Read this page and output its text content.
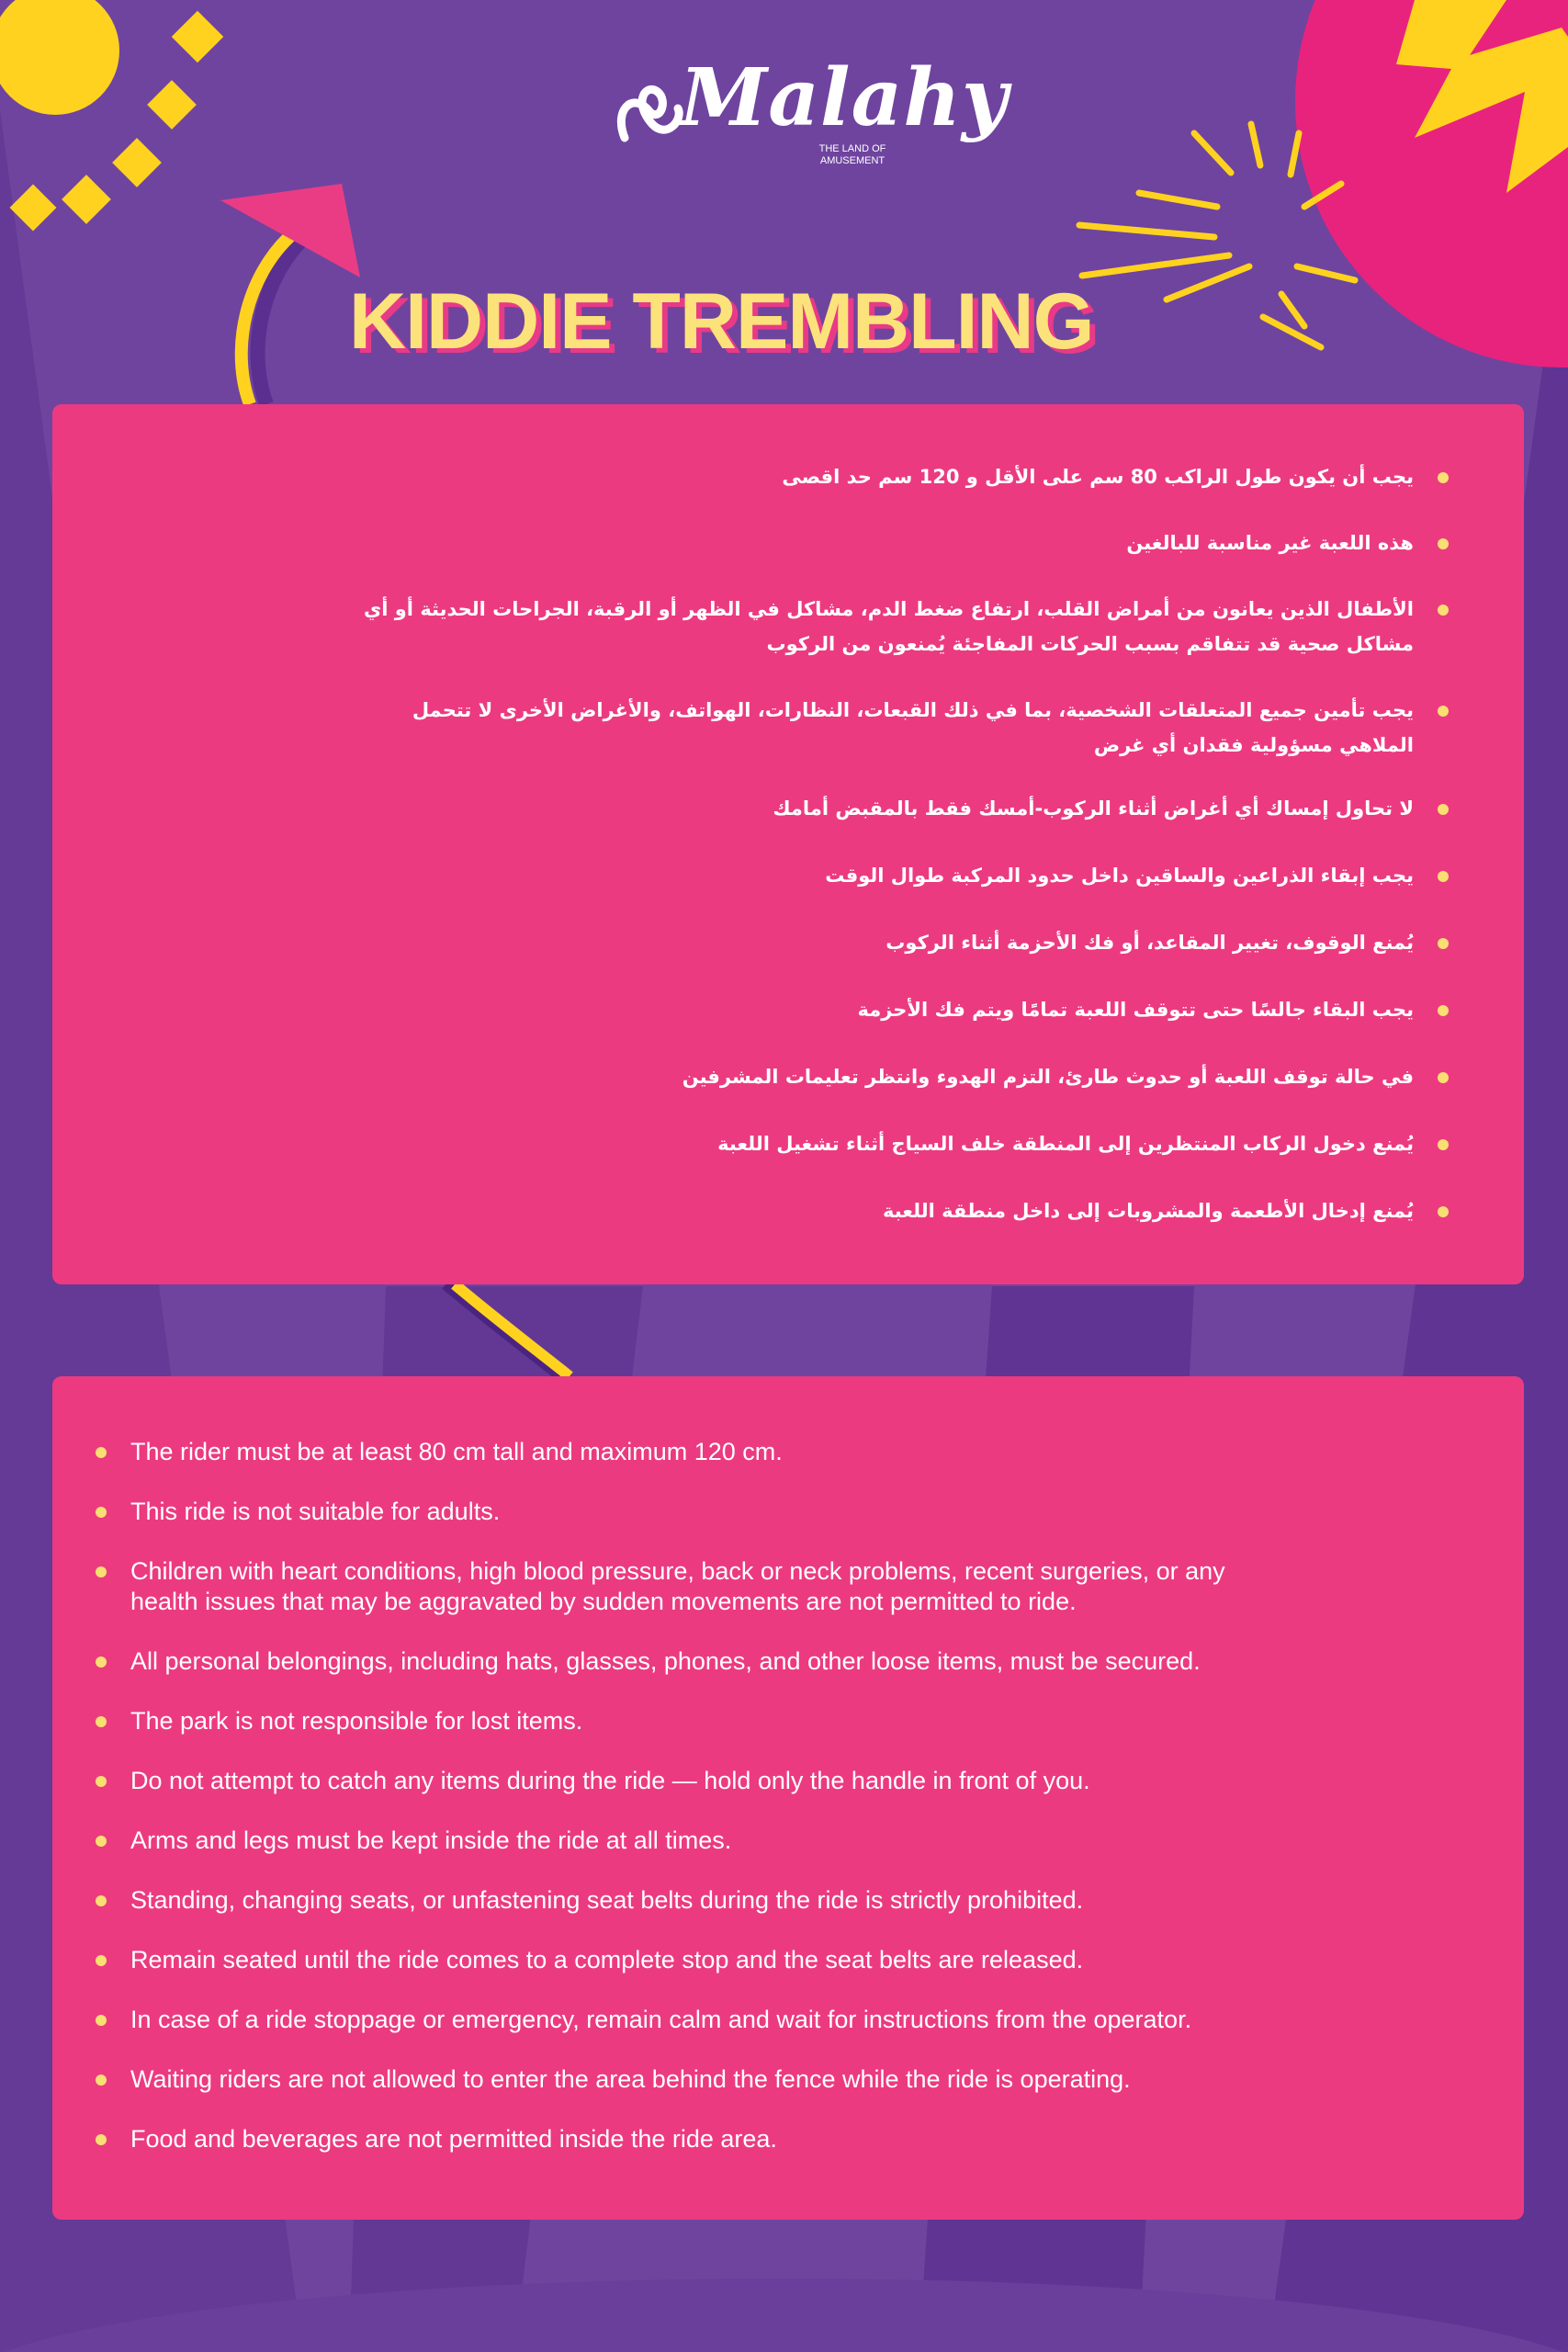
Malahy
THE LAND OF AMUSEMENT
KIDDIE TREMBLING
يجب أن يكون طول الراكب 80 سم على الأقل و 120 سم حد اقصى
هذه اللعبة غير مناسبة للبالغين
الأطفال الذين يعانون من أمراض القلب، ارتفاع ضغط الدم، مشاكل في الظهر أو الرقبة، الجراحات الحديثة أو أي مشاكل صحية قد تتفاقم بسبب الحركات المفاجئة يُمنعون من الركوب
يجب تأمين جميع المتعلقات الشخصية، بما في ذلك القبعات، النظارات، الهواتف، والأغراض الأخرى لا تتحمل الملاهي مسؤولية فقدان أي غرض
لا تحاول إمساك أي أغراض أثناء الركوب-أمسك فقط بالمقبض أمامك
يجب إبقاء الذراعين والساقين داخل حدود المركبة طوال الوقت
يُمنع الوقوف، تغيير المقاعد، أو فك الأحزمة أثناء الركوب
يجب البقاء جالسًا حتى تتوقف اللعبة تمامًا ويتم فك الأحزمة
في حالة توقف اللعبة أو حدوث طارئ، التزم الهدوء وانتظر تعليمات المشرفين
يُمنع دخول الركاب المنتظرين إلى المنطقة خلف السياج أثناء تشغيل اللعبة
يُمنع إدخال الأطعمة والمشروبات إلى داخل منطقة اللعبة
The rider must be at least 80 cm tall and maximum 120 cm.
This ride is not suitable for adults.
Children with heart conditions, high blood pressure, back or neck problems, recent surgeries, or any health issues that may be aggravated by sudden movements are not permitted to ride.
All personal belongings, including hats, glasses, phones, and other loose items, must be secured.
The park is not responsible for lost items.
Do not attempt to catch any items during the ride — hold only the handle in front of you.
Arms and legs must be kept inside the ride at all times.
Standing, changing seats, or unfastening seat belts during the ride is strictly prohibited.
Remain seated until the ride comes to a complete stop and the seat belts are released.
In case of a ride stoppage or emergency, remain calm and wait for instructions from the operator.
Waiting riders are not allowed to enter the area behind the fence while the ride is operating.
Food and beverages are not permitted inside the ride area.
